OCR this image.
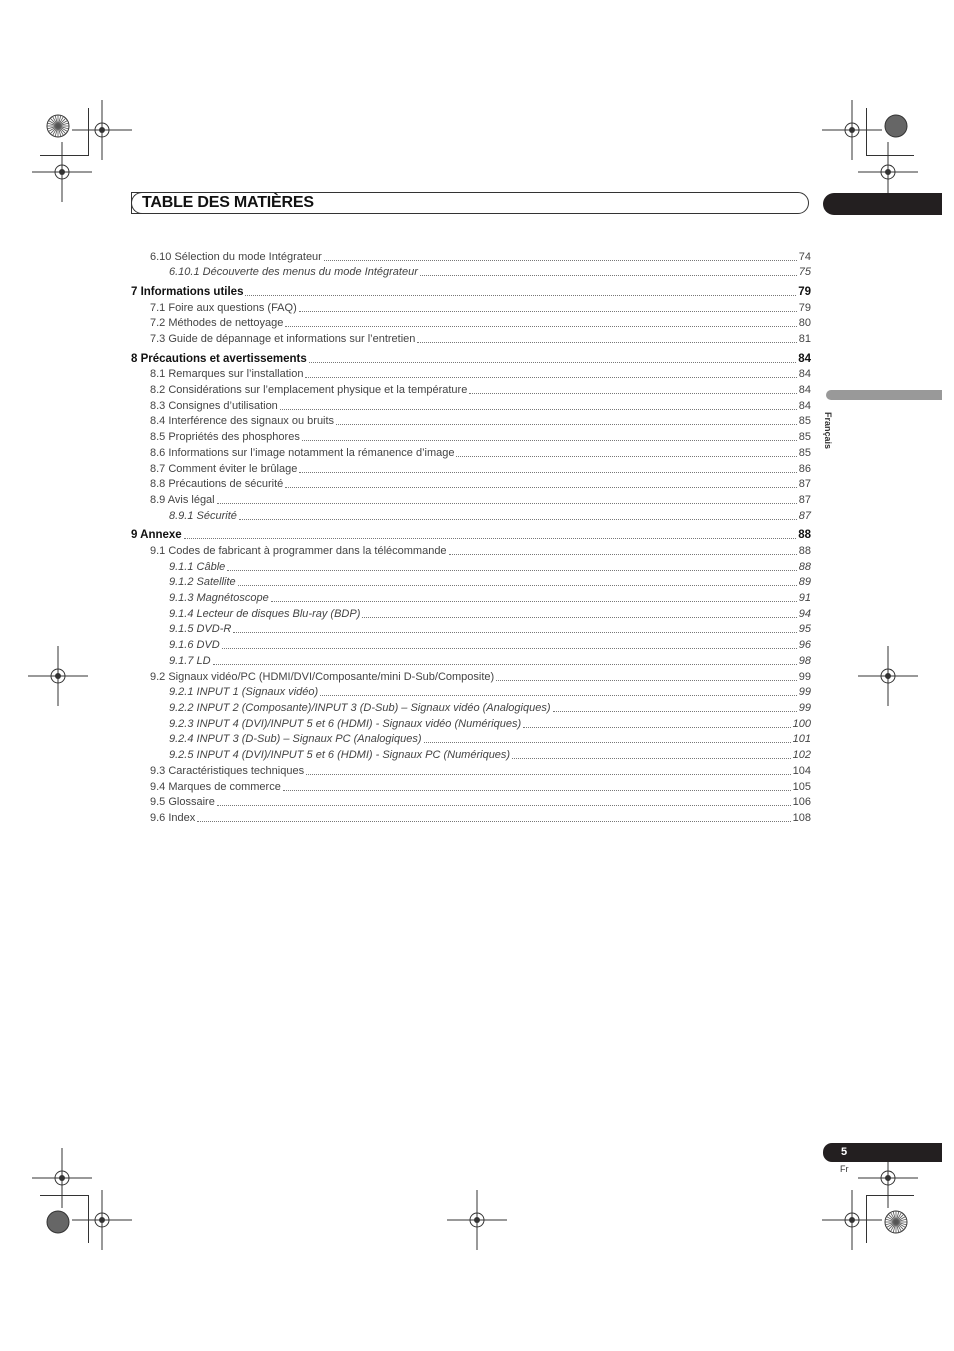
TABLE DES MATIÈRES
Français
6.10 Sélection du mode Intégrateur	74
6.10.1 Découverte des menus du mode Intégrateur	75
7 Informations utiles	79
7.1 Foire aux questions (FAQ)	79
7.2 Méthodes de nettoyage	80
7.3 Guide de dépannage et informations sur l’entretien	81
8 Précautions et avertissements	84
8.1 Remarques sur l’installation	84
8.2 Considérations sur l’emplacement physique et la température	84
8.3 Consignes d’utilisation	84
8.4 Interférence des signaux ou bruits	85
8.5 Propriétés des phosphores	85
8.6 Informations sur l’image notamment la rémanence d’image	85
8.7 Comment éviter le brûlage	86
8.8 Précautions de sécurité	87
8.9 Avis légal	87
8.9.1 Sécurité	87
9 Annexe	88
9.1 Codes de fabricant à programmer dans la télécommande	88
9.1.1 Câble	88
9.1.2 Satellite	89
9.1.3 Magnétoscope	91
9.1.4 Lecteur de disques Blu-ray (BDP)	94
9.1.5 DVD-R	95
9.1.6 DVD	96
9.1.7 LD	98
9.2 Signaux vidéo/PC (HDMI/DVI/Composante/mini D-Sub/Composite)	99
9.2.1 INPUT 1 (Signaux vidéo)	99
9.2.2 INPUT 2 (Composante)/INPUT 3 (D-Sub) – Signaux vidéo (Analogiques)	99
9.2.3 INPUT 4 (DVI)/INPUT 5 et 6 (HDMI) - Signaux vidéo (Numériques)	100
9.2.4 INPUT 3 (D-Sub) – Signaux PC (Analogiques)	101
9.2.5 INPUT 4 (DVI)/INPUT 5 et 6 (HDMI) - Signaux PC (Numériques)	102
9.3 Caractéristiques techniques	104
9.4 Marques de commerce	105
9.5 Glossaire	106
9.6 Index	108
5
Fr
